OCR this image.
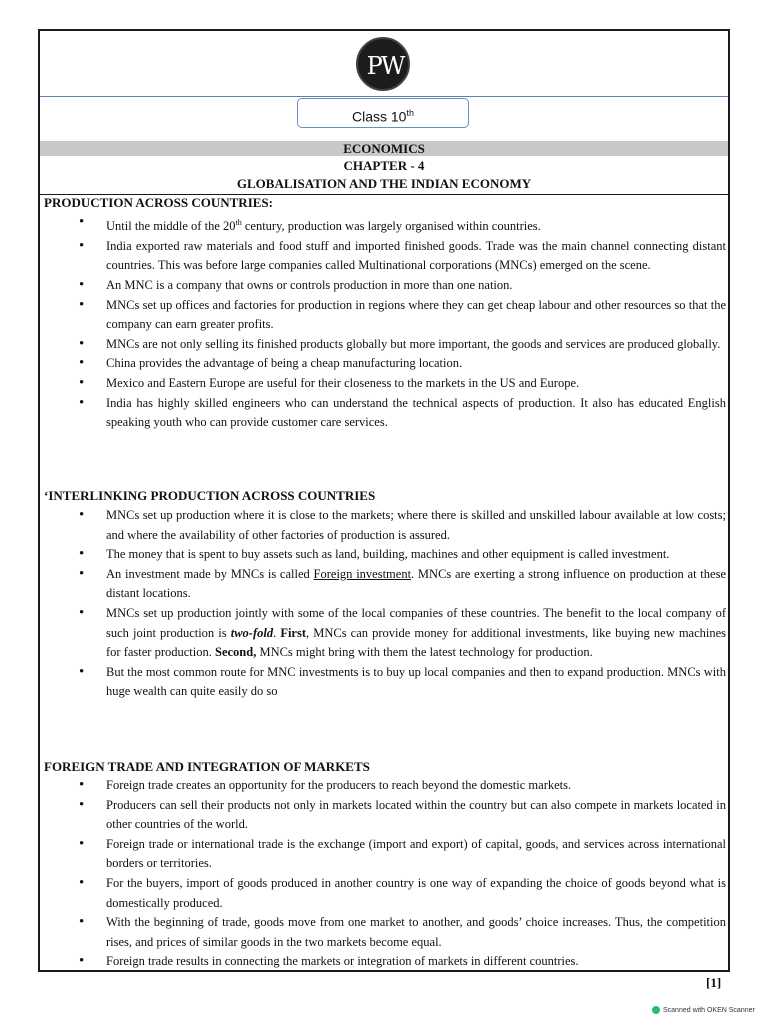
PW
Class 10th
ECONOMICS
CHAPTER - 4
GLOBALISATION AND THE INDIAN ECONOMY
PRODUCTION ACROSS COUNTRIES:
• Until the middle of the 20th century, production was largely organised within countries.
• India exported raw materials and food stuff and imported finished goods. Trade was the main channel connecting distant countries. This was before large companies called Multinational corporations (MNCs) emerged on the scene.
• An MNC is a company that owns or controls production in more than one nation.
• MNCs set up offices and factories for production in regions where they can get cheap labour and other resources so that the company can earn greater profits.
• MNCs are not only selling its finished products globally but more important, the goods and services are produced globally.
• China provides the advantage of being a cheap manufacturing location.
• Mexico and Eastern Europe are useful for their closeness to the markets in the US and Europe.
• India has highly skilled engineers who can understand the technical aspects of production. It also has educated English speaking youth who can provide customer care services.
‘INTERLINKING PRODUCTION ACROSS COUNTRIES
• MNCs set up production where it is close to the markets; where there is skilled and unskilled labour available at low costs; and where the availability of other factories of production is assured.
• The money that is spent to buy assets such as land, building, machines and other equipment is called investment.
• An investment made by MNCs is called Foreign investment. MNCs are exerting a strong influence on production at these distant locations.
• MNCs set up production jointly with some of the local companies of these countries. The benefit to the local company of such joint production is two-fold. First, MNCs can provide money for additional investments, like buying new machines for faster production. Second, MNCs might bring with them the latest technology for production.
• But the most common route for MNC investments is to buy up local companies and then to expand production. MNCs with huge wealth can quite easily do so
FOREIGN TRADE AND INTEGRATION OF MARKETS
• Foreign trade creates an opportunity for the producers to reach beyond the domestic markets.
• Producers can sell their products not only in markets located within the country but can also compete in markets located in other countries of the world.
• Foreign trade or international trade is the exchange (import and export) of capital, goods, and services across international borders or territories.
• For the buyers, import of goods produced in another country is one way of expanding the choice of goods beyond what is domestically produced.
• With the beginning of trade, goods move from one market to another, and goods’ choice increases. Thus, the competition rises, and prices of similar goods in the two markets become equal.
• Foreign trade results in connecting the markets or integration of markets in different countries.
[1]
Scanned with OKEN Scanner
